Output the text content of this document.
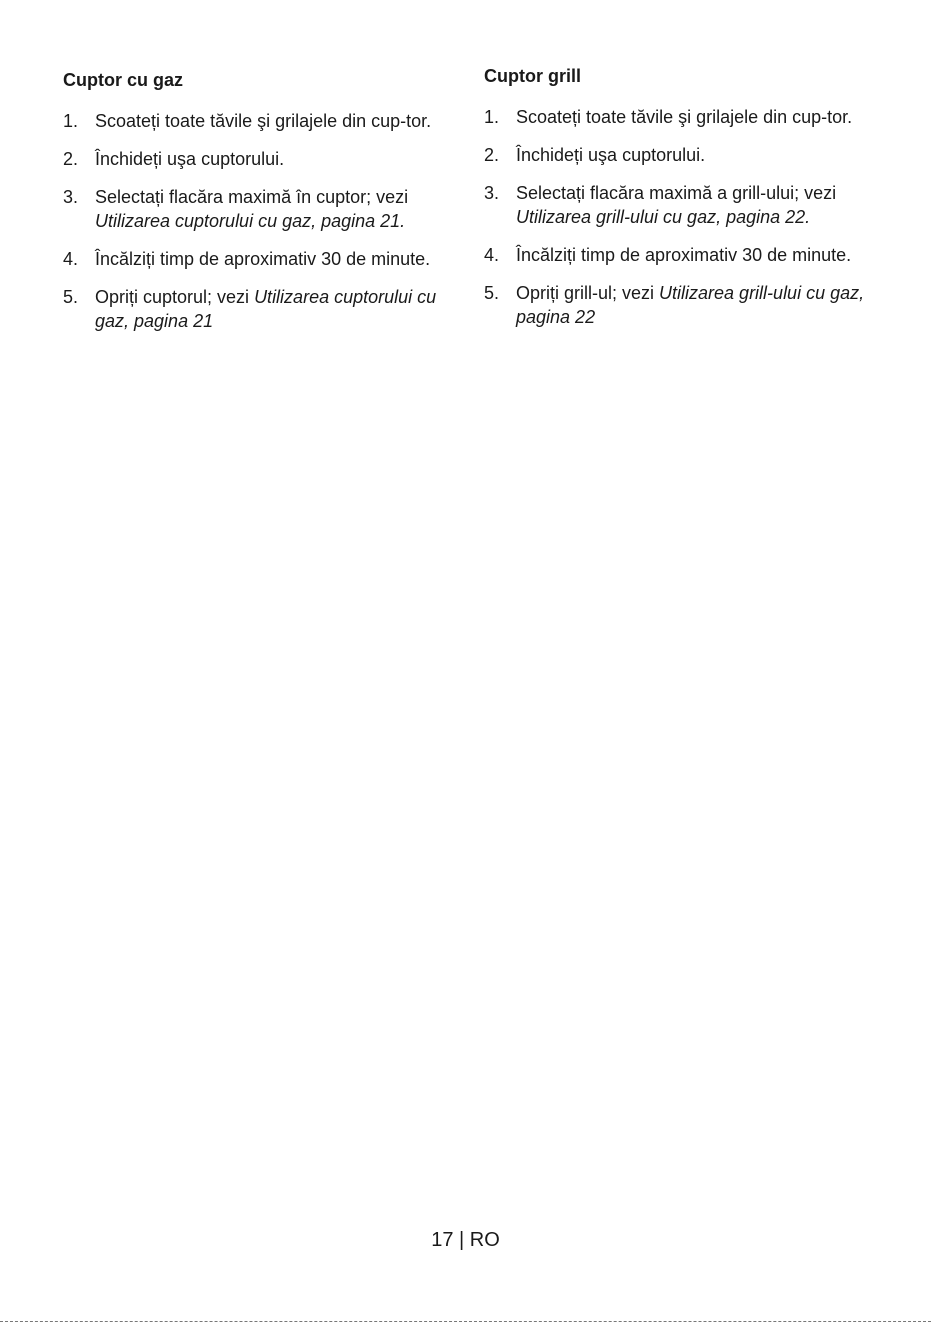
Cuptor cu gaz
1. Scoateți toate tăvile şi grilajele din cup-tor.
2. Închideți uşa cuptorului.
3. Selectați flacăra maximă în cuptor; vezi Utilizarea cuptorului cu gaz, pagina 21.
4. Încălziți timp de aproximativ 30 de minute.
5. Opriți cuptorul; vezi Utilizarea cuptorului cu gaz, pagina 21
Cuptor grill
1. Scoateți toate tăvile şi grilajele din cup-tor.
2. Închideți uşa cuptorului.
3. Selectați flacăra maximă a grill-ului; vezi Utilizarea grill-ului cu gaz, pagina 22.
4. Încălziți timp de aproximativ 30 de minute.
5. Opriți grill-ul; vezi Utilizarea grill-ului cu gaz, pagina 22
17 | RO
